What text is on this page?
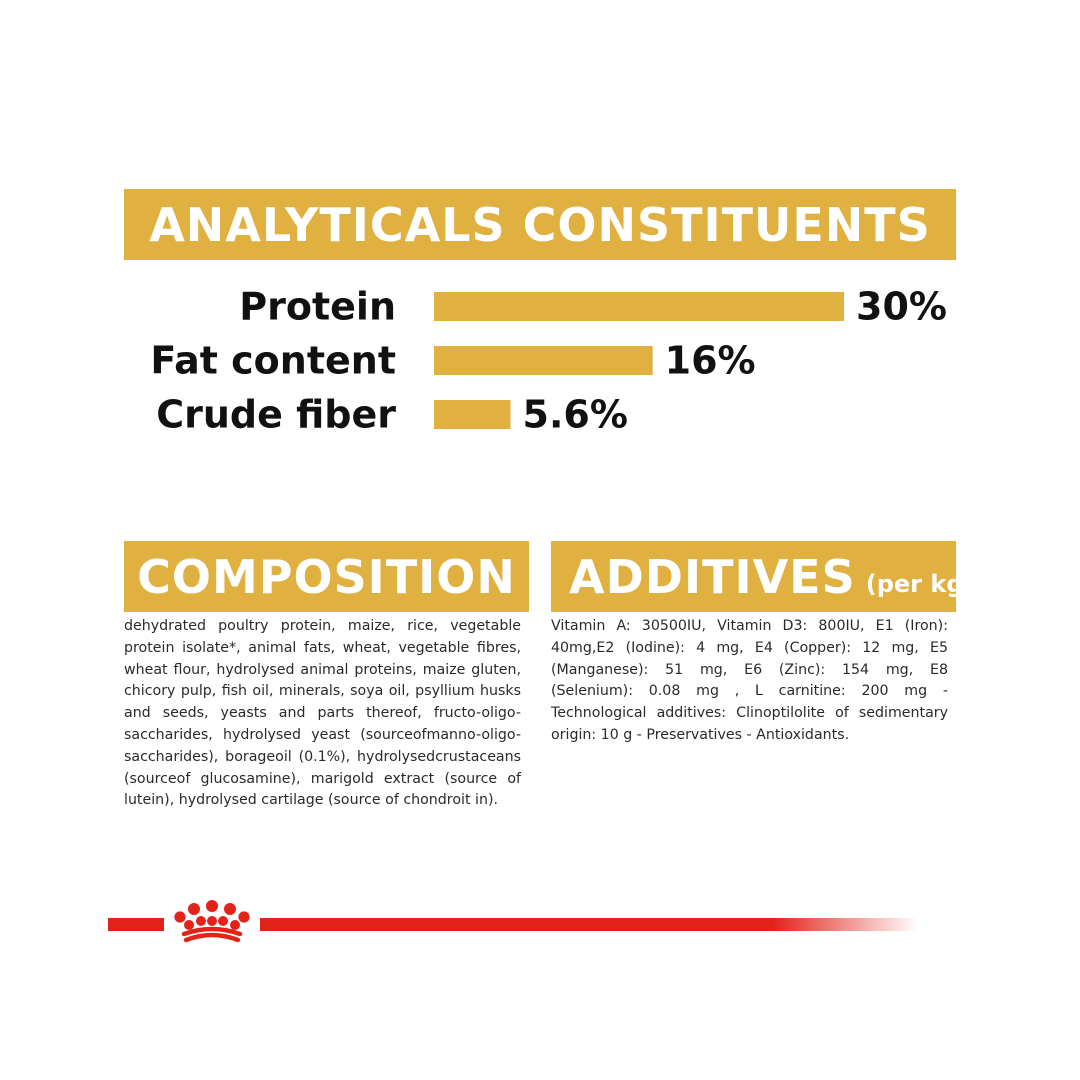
ANALYTICALS CONSTITUENTS
Protein	30%
Fat content	16%
Crude fiber	5.6%
COMPOSITION ADDITIVES (per kg)
dehydrated poultry protein, maize, rice, vegetable protein isolate*, animal fats, wheat, vegetable fibres, wheat flour, hydrolysed animal proteins, maize gluten, chicory pulp, fish oil, minerals, soya oil, psyllium husks and seeds, yeasts and parts thereof, fructo-oligo-saccharides, hydrolysed yeast (sourceofmanno-oligo-saccharides), borageoil (0.1%), hydrolysedcrustaceans (sourceof glucosamine), marigold extract (source of lutein), hydrolysed cartilage (source of chondroit in).
Vitamin A: 30500IU, Vitamin D3: 800IU, E1 (Iron): 40mg,E2 (Iodine): 4 mg, E4 (Copper): 12 mg, E5 (Manganese): 51 mg, E6 (Zinc): 154 mg, E8 (Selenium): 0.08 mg , L carnitine: 200 mg - Technological additives: Clinoptilolite of sedimentary origin: 10 g - Preservatives - Antioxidants.
